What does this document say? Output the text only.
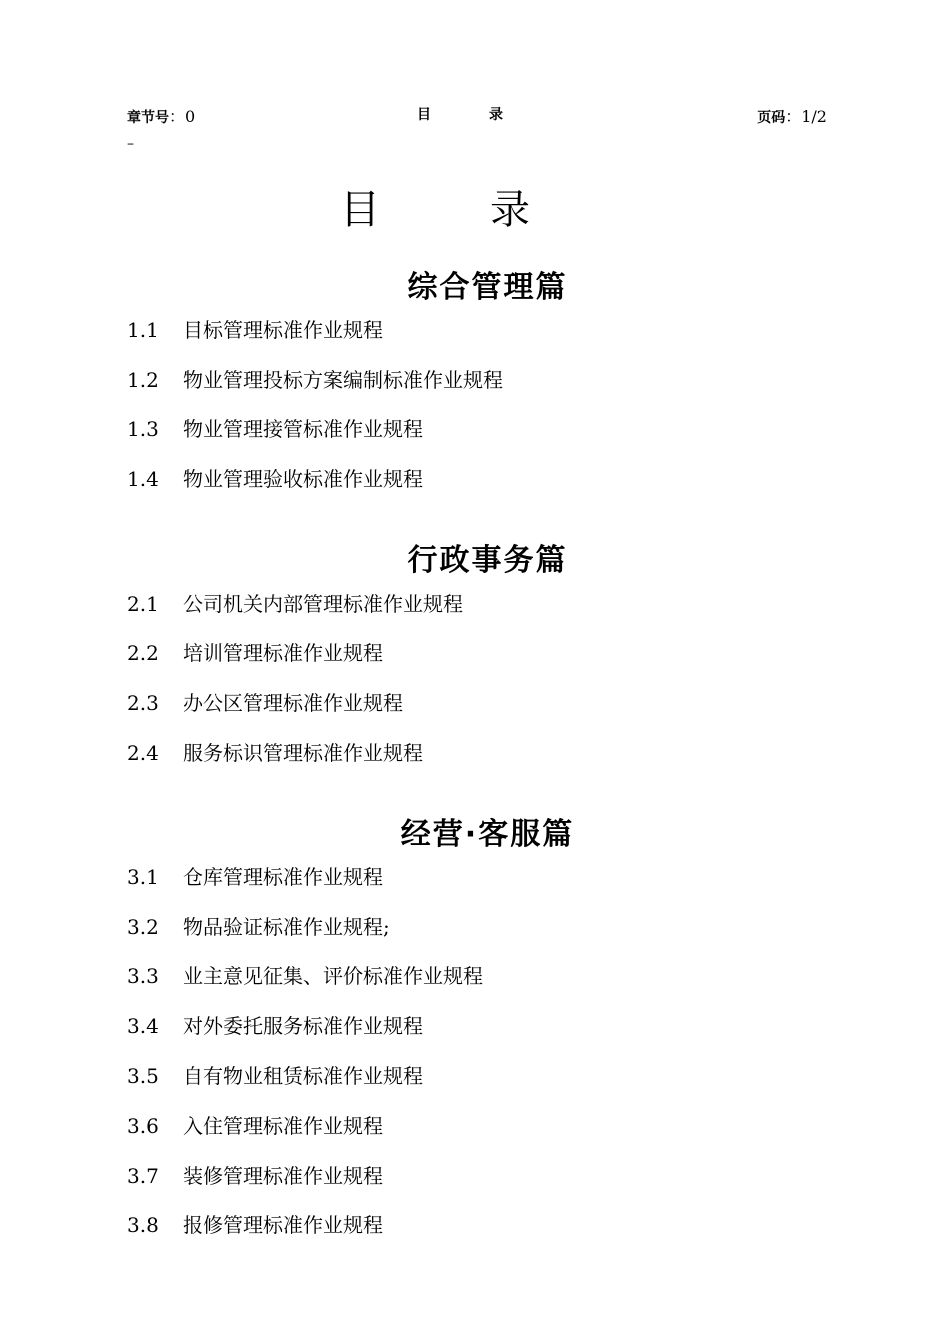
章节号：0	目录	页码：1/2
–
目录
综合管理篇
1.1 目标管理标准作业规程
1.2 物业管理投标方案编制标准作业规程
1.3 物业管理接管标准作业规程
1.4 物业管理验收标准作业规程
行政事务篇
2.1 公司机关内部管理标准作业规程
2.2 培训管理标准作业规程
2.3 办公区管理标准作业规程
2.4 服务标识管理标准作业规程
经营·客服篇
3.1 仓库管理标准作业规程
3.2 物品验证标准作业规程;
3.3 业主意见征集、评价标准作业规程
3.4 对外委托服务标准作业规程
3.5 自有物业租赁标准作业规程
3.6 入住管理标准作业规程
3.7 装修管理标准作业规程
3.8 报修管理标准作业规程
